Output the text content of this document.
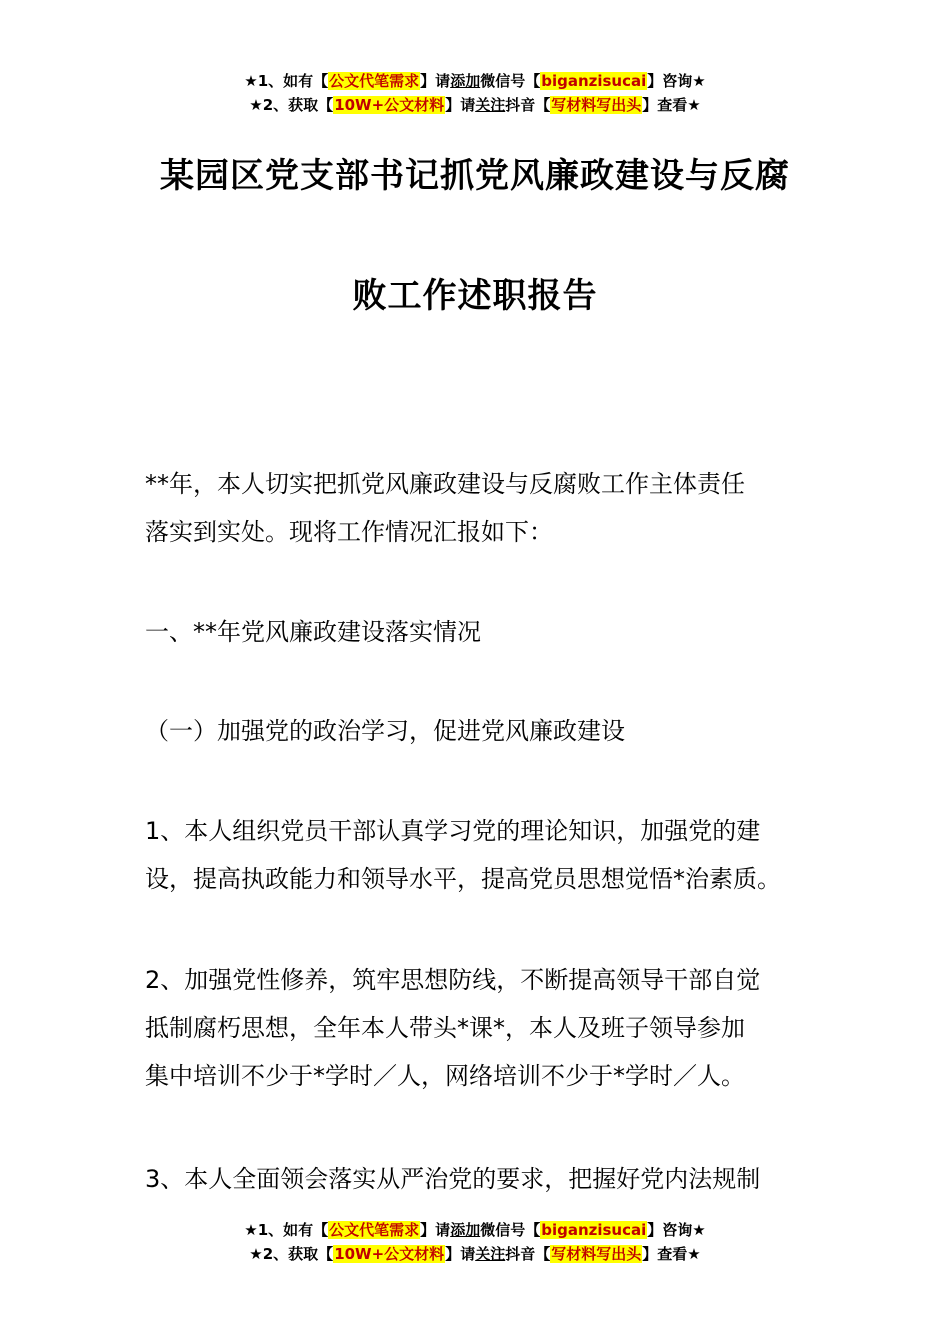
★1、如有【公文代笔需求】请添加微信号【biganzisucai】咨询★
★2、获取【10W+公文材料】请关注抖音【写材料写出头】查看★
某园区党支部书记抓党风廉政建设与反腐
败工作述职报告

**年，本人切实把抓党风廉政建设与反腐败工作主体责任
落实到实处。现将工作情况汇报如下：

一、**年党风廉政建设落实情况

（一）加强党的政治学习，促进党风廉政建设

1、本人组织党员干部认真学习党的理论知识，加强党的建
设，提高执政能力和领导水平，提高党员思想觉悟*治素质。

2、加强党性修养，筑牢思想防线，不断提高领导干部自觉
抵制腐朽思想，全年本人带头*课*，本人及班子领导参加
集中培训不少于*学时／人，网络培训不少于*学时／人。

3、本人全面领会落实从严治党的要求，把握好党内法规制

★1、如有【公文代笔需求】请添加微信号【biganzisucai】咨询★
★2、获取【10W+公文材料】请关注抖音【写材料写出头】查看★
